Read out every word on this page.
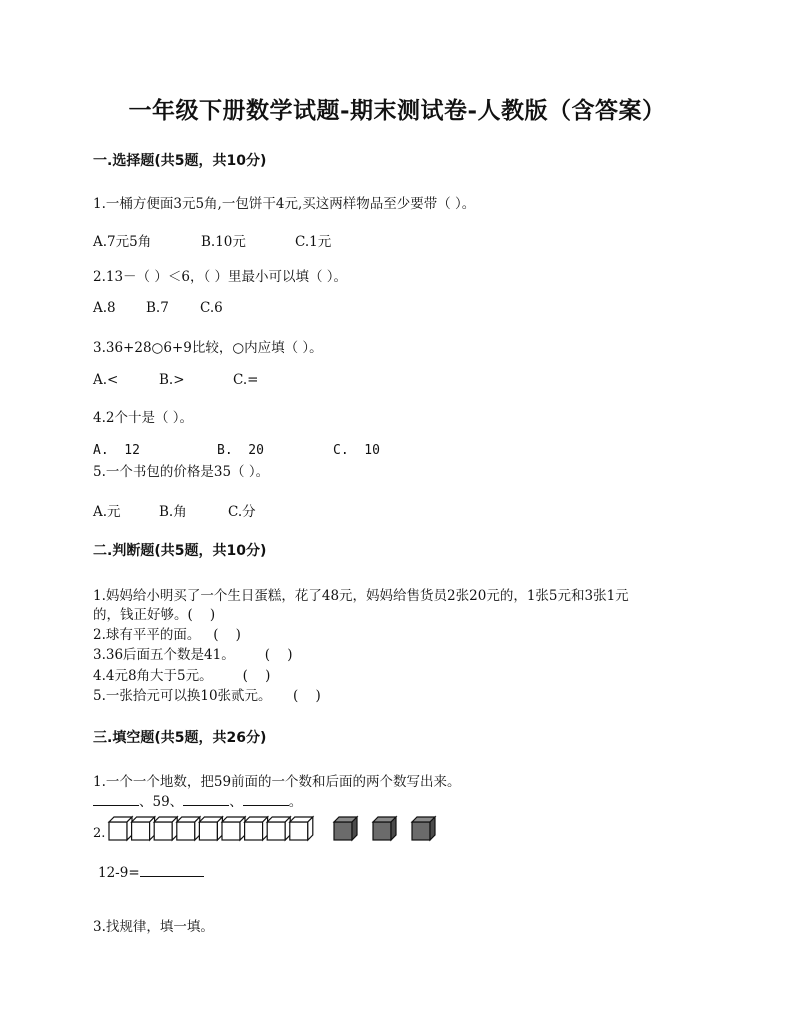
一年级下册数学试题-期末测试卷-人教版（含答案）
一.选择题(共5题，共10分)
1.一桶方便面3元5角,一包饼干4元,买这两样物品至少要带（ ）。
A.7元5角	B.10元	C.1元
2.13－（ ）＜6，（ ）里最小可以填（ ）。
A.8 B.7 C.6
3.36+28○6+9比较，○内应填（ ）。
A.<	B.>	C.=
4.2个十是（ ）。
A.  12	B.  20	C.  10
5.一个书包的价格是35（ ）。
A.元	B.角	C.分
二.判断题(共5题，共10分)
1.妈妈给小明买了一个生日蛋糕，花了48元，妈妈给售货员2张20元的，1张5元和3张1元
的，钱正好够。(    )
2.球有平平的面。   (    )
3.36后面五个数是41。       (    )
4.4元8角大于5元。       (    )
5.一张拾元可以换10张贰元。     (    )
三.填空题(共5题，共26分)
1.一个一个地数，把59前面的一个数和后面的两个数写出来。
、59、	、	。
2.
12-9=
3.找规律，填一填。
